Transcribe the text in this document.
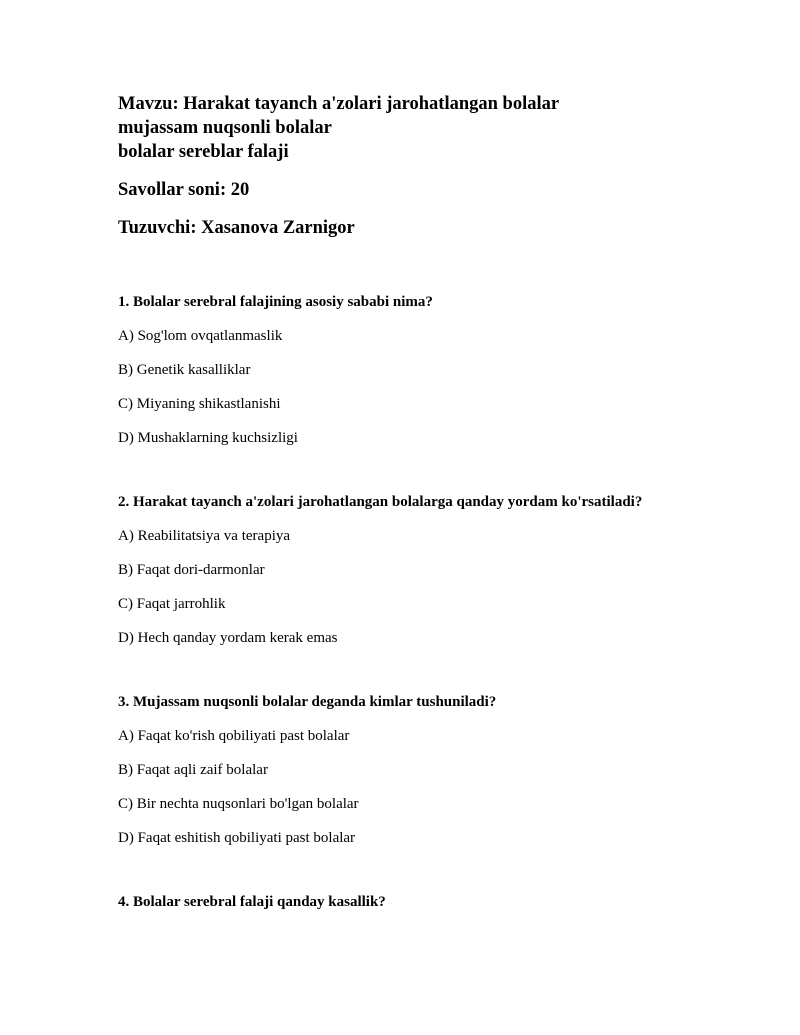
Mavzu: Harakat tayanch a'zolari jarohatlangan bolalar
mujassam nuqsonli bolalar
bolalar sereblar falaji
Savollar soni: 20
Tuzuvchi: Xasanova Zarnigor
1. Bolalar serebral falajining asosiy sababi nima?
A) Sog'lom ovqatlanmaslik
B) Genetik kasalliklar
C) Miyaning shikastlanishi
D) Mushaklarning kuchsizligi
2. Harakat tayanch a'zolari jarohatlangan bolalarga qanday yordam ko'rsatiladi?
A) Reabilitatsiya va terapiya
B) Faqat dori-darmonlar
C) Faqat jarrohlik
D) Hech qanday yordam kerak emas
3. Mujassam nuqsonli bolalar deganda kimlar tushuniladi?
A) Faqat ko'rish qobiliyati past bolalar
B) Faqat aqli zaif bolalar
C) Bir nechta nuqsonlari bo'lgan bolalar
D) Faqat eshitish qobiliyati past bolalar
4. Bolalar serebral falaji qanday kasallik?
